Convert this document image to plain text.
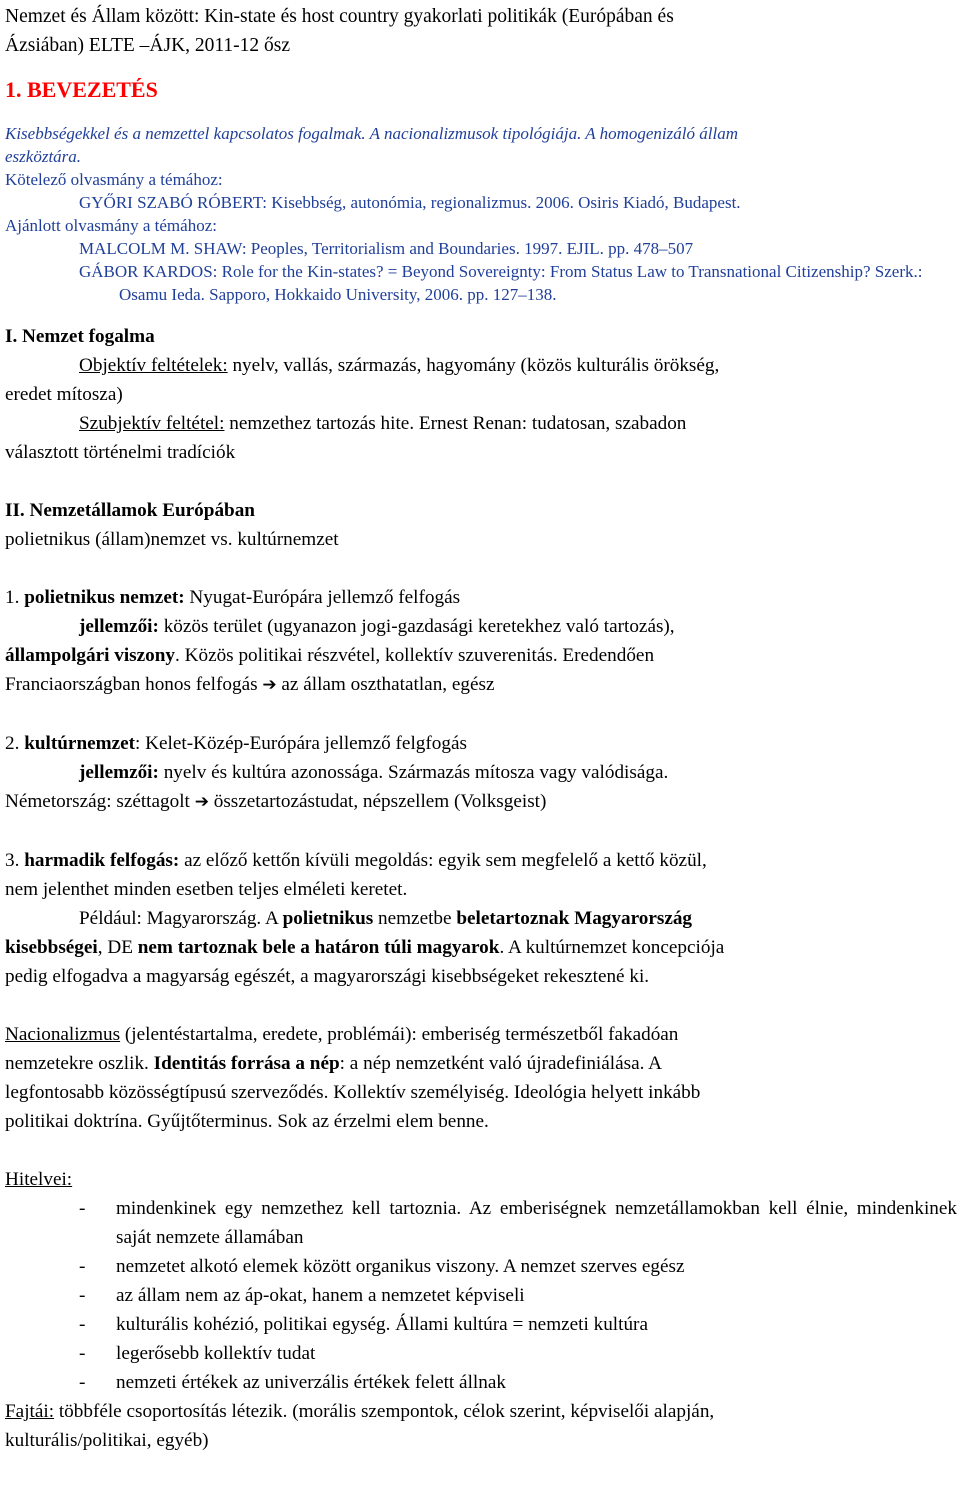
Nemzet és Állam között: Kin-state és host country gyakorlati politikák (Európában és
Ázsiában) ELTE –ÁJK, 2011-12 ősz
1. BEVEZETÉS
Kisebbségekkel és a nemzettel kapcsolatos fogalmak. A nacionalizmusok tipológiája. A homogenizáló állam
eszköztára.
Kötelező olvasmány a témához:
GYŐRI SZABÓ RÓBERT: Kisebbség, autonómia, regionalizmus. 2006. Osiris Kiadó, Budapest.
Ajánlott olvasmány a témához:
MALCOLM M. SHAW: Peoples, Territorialism and Boundaries. 1997. EJIL. pp. 478–507
GÁBOR KARDOS: Role for the Kin-states? = Beyond Sovereignty: From Status Law to Transnational Citizenship? Szerk.: Osamu Ieda. Sapporo, Hokkaido University, 2006. pp. 127–138.
I. Nemzet fogalma
Objektív feltételek: nyelv, vallás, származás, hagyomány (közös kulturális örökség,
eredet mítosza)
Szubjektív feltétel: nemzethez tartozás hite. Ernest Renan: tudatosan, szabadon
választott történelmi tradíciók
II. Nemzetállamok Európában
polietnikus (állam)nemzet vs. kultúrnemzet
1. polietnikus nemzet: Nyugat-Európára jellemző felfogás
jellemzői: közös terület (ugyanazon jogi-gazdasági keretekhez való tartozás),
állampolgári viszony. Közös politikai részvétel, kollektív szuverenitás. Eredendően
Franciaországban honos felfogás ➔ az állam oszthatatlan, egész
2. kultúrnemzet: Kelet-Közép-Európára jellemző felgfogás
jellemzői: nyelv és kultúra azonossága. Származás mítosza vagy valódisága.
Németország: széttagolt ➔ összetartozástudat, népszellem (Volksgeist)
3. harmadik felfogás: az előző kettőn kívüli megoldás: egyik sem megfelelő a kettő közül,
nem jelenthet minden esetben teljes elméleti keretet.
Például: Magyarország. A polietnikus nemzetbe beletartoznak Magyarország
kisebbségei, DE nem tartoznak bele a határon túli magyarok. A kultúrnemzet koncepciója
pedig elfogadva a magyarság egészét, a magyarországi kisebbségeket rekesztené ki.
Nacionalizmus (jelentéstartalma, eredete, problémái): emberiség természetből fakadóan
nemzetekre oszlik. Identitás forrása a nép: a nép nemzetként való újradefiniálása. A
legfontosabb közösségtípusú szerveződés. Kollektív személyiség. Ideológia helyett inkább
politikai doktrína. Gyűjtőterminus. Sok az érzelmi elem benne.
Hitelvei:
- mindenkinek egy nemzethez kell tartoznia. Az emberiségnek nemzetállamokban kell élnie, mindenkinek saját nemzete államában
- nemzetet alkotó elemek között organikus viszony. A nemzet szerves egész
- az állam nem az áp-okat, hanem a nemzetet képviseli
- kulturális kohézió, politikai egység. Állami kultúra = nemzeti kultúra
- legerősebb kollektív tudat
- nemzeti értékek az univerzális értékek felett állnak
Fajtái: többféle csoportosítás létezik. (morális szempontok, célok szerint, képviselői alapján,
kulturális/politikai, egyéb)
